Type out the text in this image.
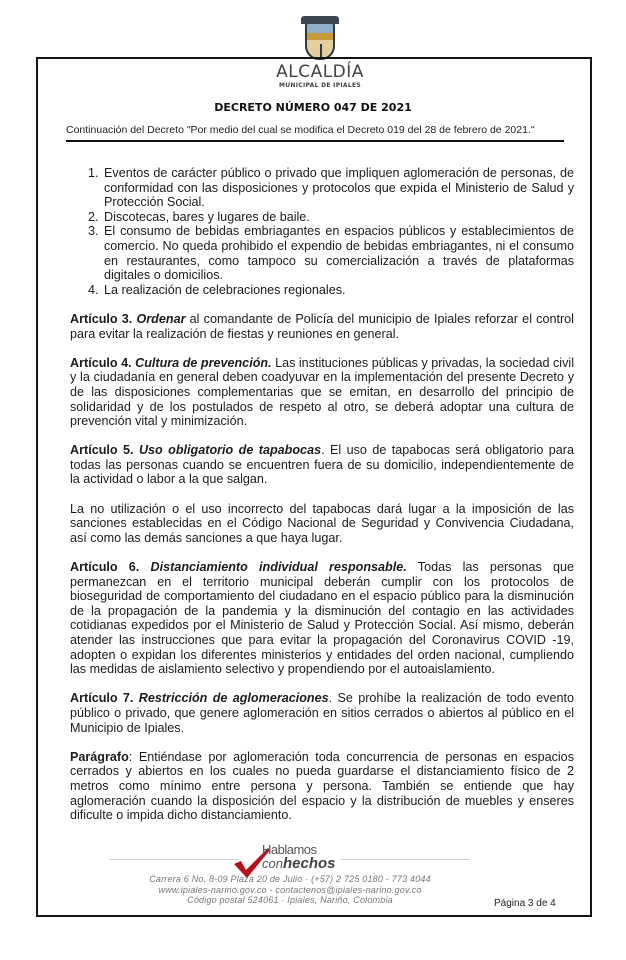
ALCALDÍA
MUNICIPAL DE IPIALES
DECRETO NÚMERO 047 DE 2021
Continuación del Decreto "Por medio del cual se modifica el Decreto 019 del 28 de febrero de 2021."
1. Eventos de carácter público o privado que impliquen aglomeración de personas, de conformidad con las disposiciones y protocolos que expida el Ministerio de Salud y Protección Social.
2. Discotecas, bares y lugares de baile.
3. El consumo de bebidas embriagantes en espacios públicos y establecimientos de comercio. No queda prohibido el expendio de bebidas embriagantes, ni el consumo en restaurantes, como tampoco su comercialización a través de plataformas digitales o domicilios.
4. La realización de celebraciones regionales.

Artículo 3. Ordenar al comandante de Policía del municipio de Ipiales reforzar el control para evitar la realización de fiestas y reuniones en general.

Artículo 4. Cultura de prevención. Las instituciones públicas y privadas, la sociedad civil y la ciudadanía en general deben coadyuvar en la implementación del presente Decreto y de las disposiciones complementarias que se emitan, en desarrollo del principio de solidaridad y de los postulados de respeto al otro, se deberá adoptar una cultura de prevención vital y minimización.

Artículo 5. Uso obligatorio de tapabocas. El uso de tapabocas será obligatorio para todas las personas cuando se encuentren fuera de su domicilio, independientemente de la actividad o labor a la que salgan.

La no utilización o el uso incorrecto del tapabocas dará lugar a la imposición de las sanciones establecidas en el Código Nacional de Seguridad y Convivencia Ciudadana, así como las demás sanciones a que haya lugar.

Artículo 6. Distanciamiento individual responsable. Todas las personas que permanezcan en el territorio municipal deberán cumplir con los protocolos de bioseguridad de comportamiento del ciudadano en el espacio público para la disminución de la propagación de la pandemia y la disminución del contagio en las actividades cotidianas expedidos por el Ministerio de Salud y Protección Social. Así mismo, deberán atender las instrucciones que para evitar la propagación del Coronavirus COVID -19, adopten o expidan los diferentes ministerios y entidades del orden nacional, cumpliendo las medidas de aislamiento selectivo y propendiendo por el autoaislamiento.

Artículo 7. Restricción de aglomeraciones. Se prohíbe la realización de todo evento público o privado, que genere aglomeración en sitios cerrados o abiertos al público en el Municipio de Ipiales.

Parágrafo: Entiéndase por aglomeración toda concurrencia de personas en espacios cerrados y abiertos en los cuales no pueda guardarse el distanciamiento físico de 2 metros como mínimo entre persona y persona. También se entiende que hay aglomeración cuando la disposición del espacio y la distribución de muebles y enseres dificulte o impida dicho distanciamiento.

Hablamos
conhechos
Carrera 6 No. 8-09 Plaza 20 de Julio · (+57) 2 725 0180 - 773 4044
www.ipiales-narino.gov.co - contactenos@ipiales-narino.gov.co
Código postal 524061 · Ipiales, Nariño, Colombia	Página 3 de 4
